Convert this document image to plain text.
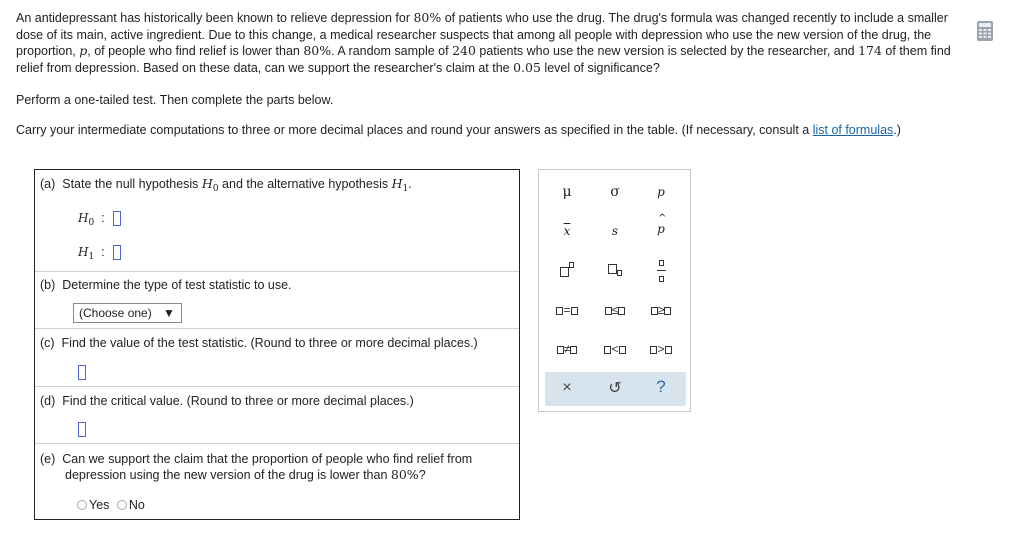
An antidepressant has historically been known to relieve depression for 80% of patients who use the drug. The drug's formula was changed recently to include a smaller dose of its main, active ingredient. Due to this change, a medical researcher suspects that among all people with depression who use the new version of the drug, the proportion, p, of people who find relief is lower than 80%. A random sample of 240 patients who use the new version is selected by the researcher, and 174 of them find relief from depression. Based on these data, can we support the researcher's claim at the 0.05 level of significance?
Perform a one-tailed test. Then complete the parts below.
Carry your intermediate computations to three or more decimal places and round your answers as specified in the table. (If necessary, consult a list of formulas.)
(a) State the null hypothesis $H_0$ and the alternative hypothesis $H_1$.
$H_0$ :
$H_1$ :
(b) Determine the type of test statistic to use.
(Choose one) ▼
(c) Find the value of the test statistic. (Round to three or more decimal places.)
(d) Find the critical value. (Round to three or more decimal places.)
(e) Can we support the claim that the proportion of people who find relief from
depression using the new version of the drug is lower than 80%?
Yes No
μ	σ	p
$\overline{x}$	s	p
^

=	≤	≥
≠	<	>
×	↺	?
